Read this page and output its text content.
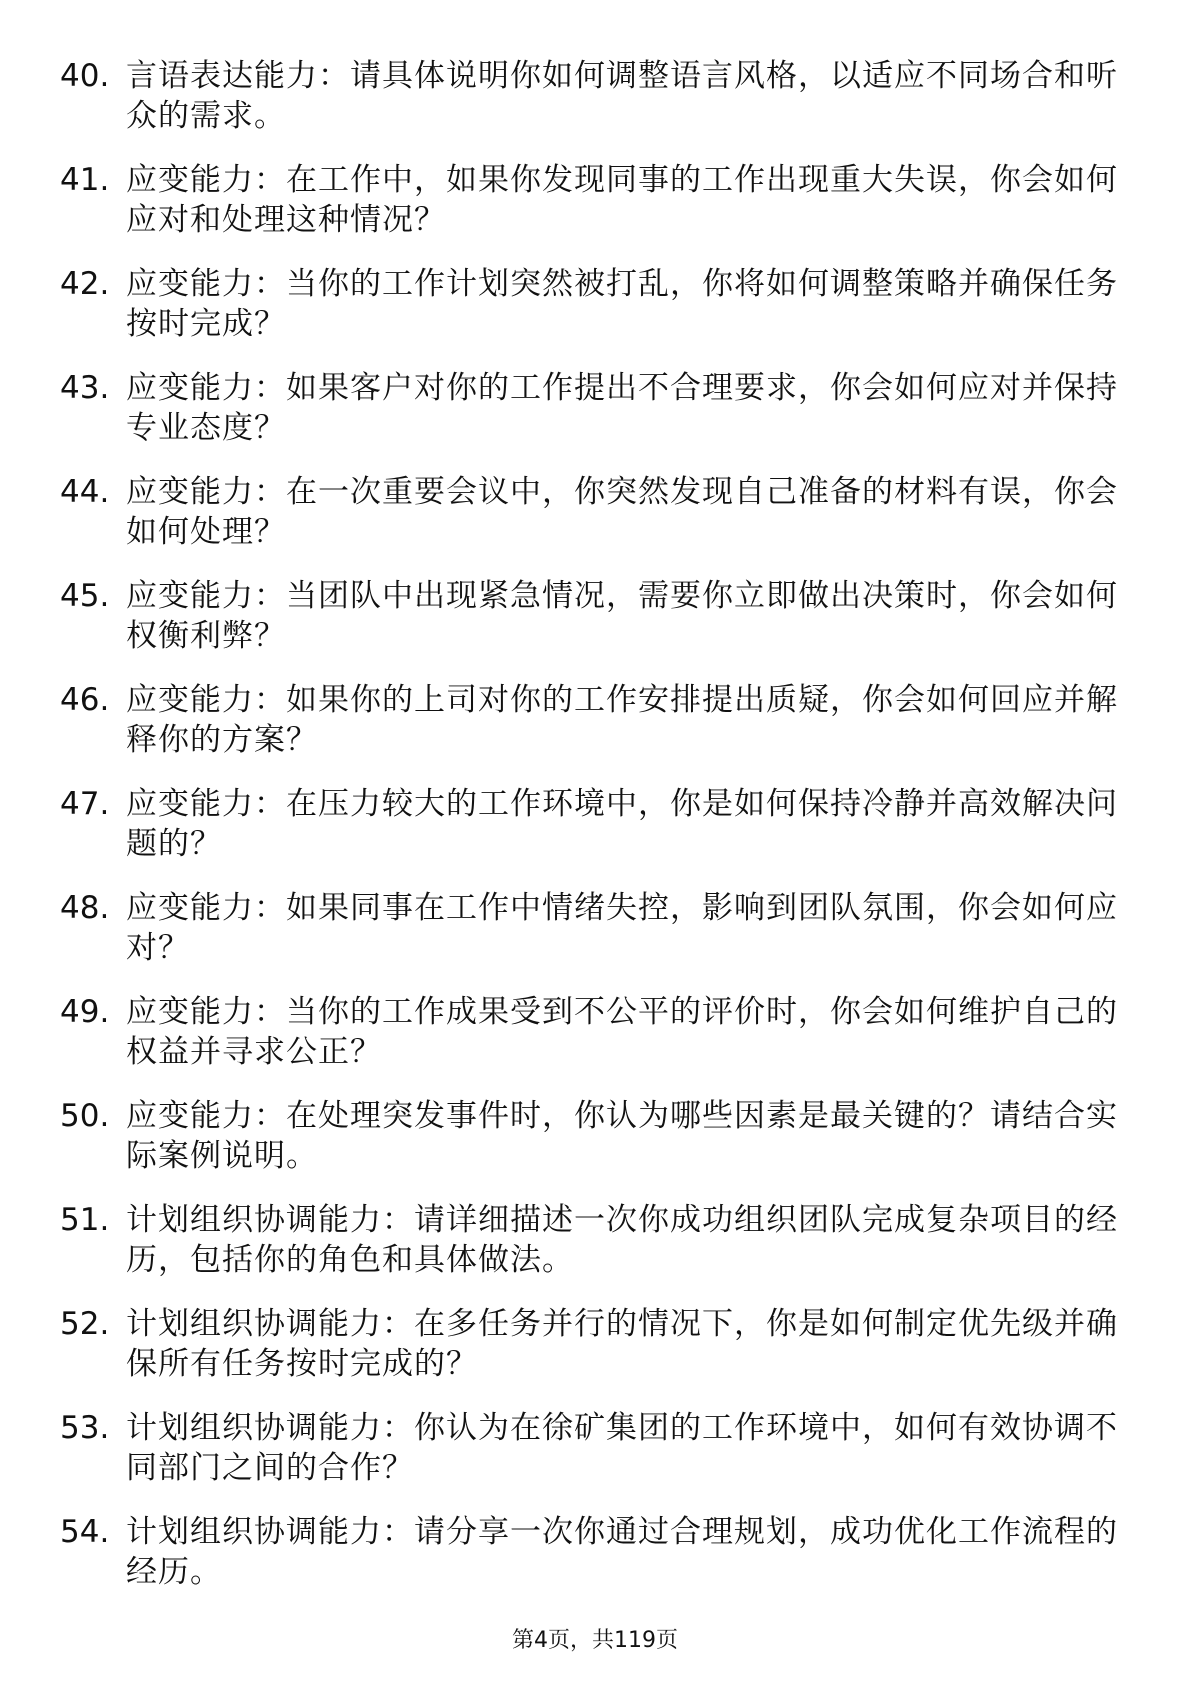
40. 言语表达能力：请具体说明你如何调整语言风格，以适应不同场合和听众的需求。
41. 应变能力：在工作中，如果你发现同事的工作出现重大失误，你会如何应对和处理这种情况？
42. 应变能力：当你的工作计划突然被打乱，你将如何调整策略并确保任务按时完成？
43. 应变能力：如果客户对你的工作提出不合理要求，你会如何应对并保持专业态度？
44. 应变能力：在一次重要会议中，你突然发现自己准备的材料有误，你会如何处理？
45. 应变能力：当团队中出现紧急情况，需要你立即做出决策时，你会如何权衡利弊？
46. 应变能力：如果你的上司对你的工作安排提出质疑，你会如何回应并解释你的方案？
47. 应变能力：在压力较大的工作环境中，你是如何保持冷静并高效解决问题的？
48. 应变能力：如果同事在工作中情绪失控，影响到团队氛围，你会如何应对？
49. 应变能力：当你的工作成果受到不公平的评价时，你会如何维护自己的权益并寻求公正？
50. 应变能力：在处理突发事件时，你认为哪些因素是最关键的？请结合实际案例说明。
51. 计划组织协调能力：请详细描述一次你成功组织团队完成复杂项目的经历，包括你的角色和具体做法。
52. 计划组织协调能力：在多任务并行的情况下，你是如何制定优先级并确保所有任务按时完成的？
53. 计划组织协调能力：你认为在徐矿集团的工作环境中，如何有效协调不同部门之间的合作？
54. 计划组织协调能力：请分享一次你通过合理规划，成功优化工作流程的经历。
第4页，共119页
